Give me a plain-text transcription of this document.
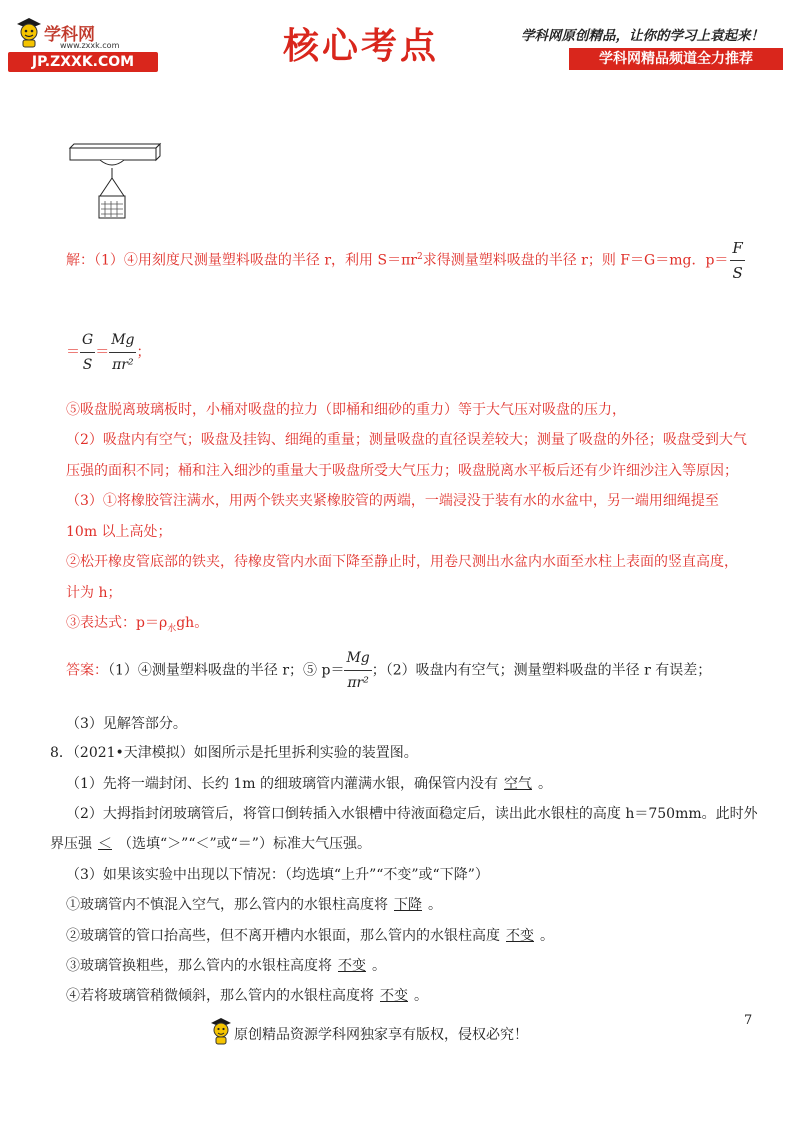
学科网
www.zxxk.com
JP.ZXXK.COM	核心考点	学科网原创精品，让你的学习上袁起来！
学科网精品频道全力推荐
解：（1）④用刻度尺测量塑料吸盘的半径 r，利用 $S=\pi r^2$求得测量塑料吸盘的半径 r；则 F＝G＝mg．$p= \frac{F}{S}$
＝ $\frac{G}{S} = \frac{Mg}{\text{πr²}}$ ；
⑤吸盘脱离玻璃板时，小桶对吸盘的拉力（即桶和细砂的重力）等于大气压对吸盘的压力，
（2）吸盘内有空气；吸盘及挂钩、细绳的重量；测量吸盘的直径误差较大；测量了吸盘的外径；吸盘受到大气
压强的面积不同；桶和注入细沙的重量大于吸盘所受大气压力；吸盘脱离水平板后还有少许细沙注入等原因；
（3）①将橡胶管注满水，用两个铁夹夹紧橡胶管的两端，一端浸没于装有水的水盆中，另一端用细绳提至
10m 以上高处；
②松开橡皮管底部的铁夹，待橡皮管内水面下降至静止时，用卷尺测出水盆内水面至水柱上表面的竖直高度，
计为 h；
③表达式：$p=\rho_水gh$。
答案：（1）④测量塑料吸盘的半径 r；⑤ $p= \frac{Mg}{\text{πr²}}$ ；（2）吸盘内有空气；测量塑料吸盘的半径 r 有误差；
（3）见解答部分。
8．（2021•天津模拟）如图所示是托里拆利实验的装置图。
（1）先将一端封闭、长约 1m 的细玻璃管内灌满水银，确保管内没有 空气 。
（2）大拇指封闭玻璃管后，将管口倒转插入水银槽中待液面稳定后，读出此水银柱的高度 h＝750mm。此时外
界压强 ＜ （选填“＞”“＜”或“＝”）标准大气压强。
（3）如果该实验中出现以下情况：（均选填“上升”“不变”或“下降”）
①玻璃管内不慎混入空气，那么管内的水银柱高度将 下降 。
②玻璃管的管口抬高些，但不离开槽内水银面，那么管内的水银柱高度 不变 。
③玻璃管换粗些，那么管内的水银柱高度将 不变 。
④若将玻璃管稍微倾斜，那么管内的水银柱高度将 不变 。
7
原创精品资源学科网独家享有版权，侵权必究！
